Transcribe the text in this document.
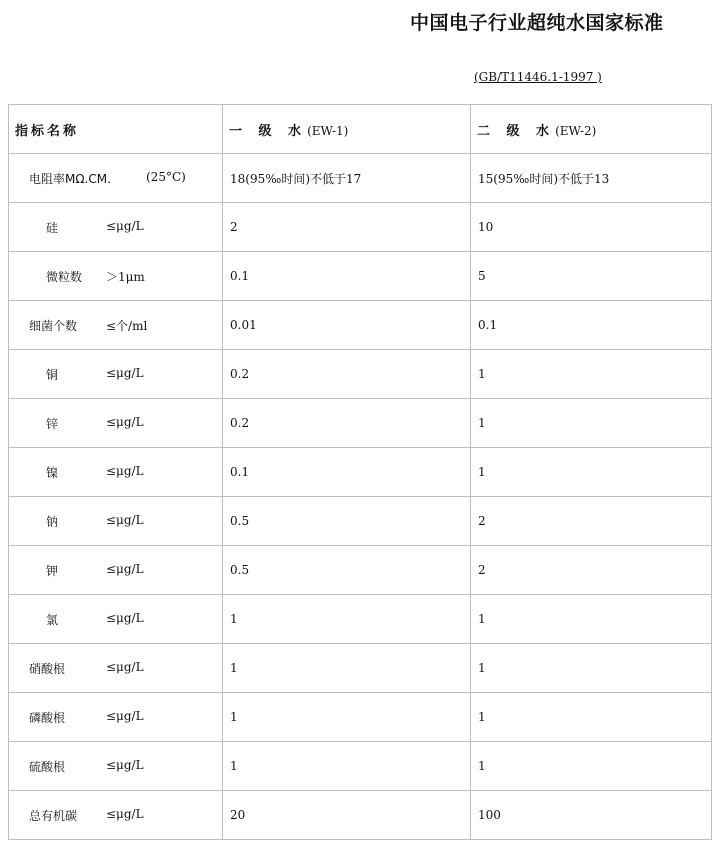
中国电子行业超纯水国家标准
(GB/T11446.1-1997 )
指标名称	一 级 水(EW-1)	二 级 水(EW-2)

电阻率MΩ.CM. (25°C)	18(95‰时间)不低于17	15(95‰时间)不低于13

硅 ≤μg/L	2	10

微粒数 ＞1μm	0.1	5

细菌个数 ≤个/ml	0.01	0.1

铜 ≤μg/L	0.2	1

锌 ≤μg/L	0.2	1

镍 ≤μg/L	0.1	1

钠 ≤μg/L	0.5	2

钾 ≤μg/L	0.5	2

氯 ≤μg/L	1	1

硝酸根 ≤μg/L	1	1

磷酸根 ≤μg/L	1	1

硫酸根 ≤μg/L	1	1

总有机碳 ≤μg/L	20	100
